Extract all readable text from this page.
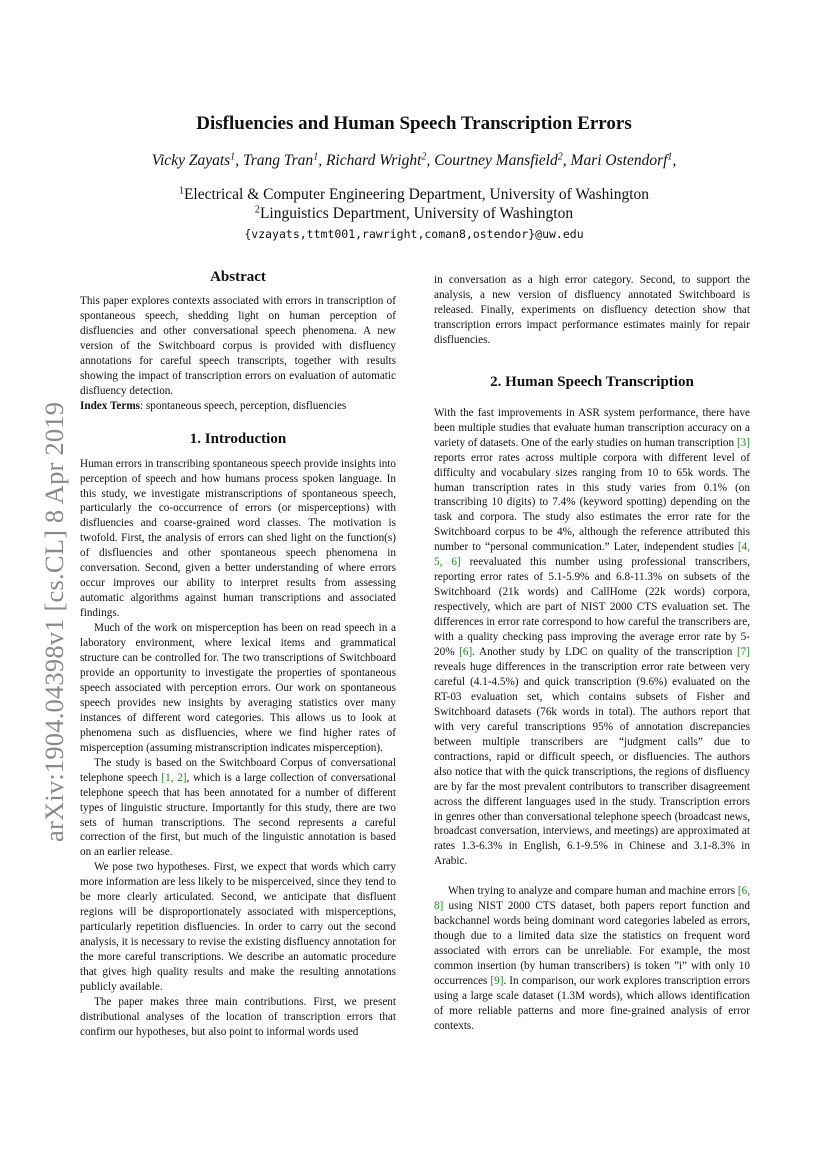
arXiv:1904.04398v1 [cs.CL] 8 Apr 2019
Disfluencies and Human Speech Transcription Errors
Vicky Zayats$^1$, Trang Tran$^1$, Richard Wright$^2$, Courtney Mansfield$^2$, Mari Ostendorf$^1$,
$^1$Electrical & Computer Engineering Department, University of Washington
$^2$Linguistics Department, University of Washington
{vzayats,ttmt001,rawright,coman8,ostendor}@uw.edu
Abstract

This paper explores contexts associated with errors in transcription of spontaneous speech, shedding light on human perception of disfluencies and other conversational speech phenomena. A new version of the Switchboard corpus is provided with disfluency annotations for careful speech transcripts, together with results showing the impact of transcription errors on evaluation of automatic disfluency detection.

Index Terms: spontaneous speech, perception, disfluencies

1. Introduction

Human errors in transcribing spontaneous speech provide insights into perception of speech and how humans process spoken language. In this study, we investigate mistranscriptions of spontaneous speech, particularly the co-occurrence of errors (or misperceptions) with disfluencies and coarse-grained word classes. The motivation is twofold. First, the analysis of errors can shed light on the function(s) of disfluencies and other spontaneous speech phenomena in conversation. Second, given a better understanding of where errors occur improves our ability to interpret results from assessing automatic algorithms against human transcriptions and associated findings.

Much of the work on misperception has been on read speech in a laboratory environment, where lexical items and grammatical structure can be controlled for. The two transcriptions of Switchboard provide an opportunity to investigate the properties of spontaneous speech associated with perception errors. Our work on spontaneous speech provides new insights by averaging statistics over many instances of different word categories. This allows us to look at phenomena such as disfluencies, where we find higher rates of misperception (assuming mistranscription indicates misperception).

The study is based on the Switchboard Corpus of conversational telephone speech [1, 2], which is a large collection of conversational telephone speech that has been annotated for a number of different types of linguistic structure. Importantly for this study, there are two sets of human transcriptions. The second represents a careful correction of the first, but much of the linguistic annotation is based on an earlier release.

We pose two hypotheses. First, we expect that words which carry more information are less likely to be misperceived, since they tend to be more clearly articulated. Second, we anticipate that disfluent regions will be disproportionately associated with misperceptions, particularly repetition disfluencies. In order to carry out the second analysis, it is necessary to revise the existing disfluency annotation for the more careful transcriptions. We describe an automatic procedure that gives high quality results and make the resulting annotations publicly available.

The paper makes three main contributions. First, we present distributional analyses of the location of transcription errors that confirm our hypotheses, but also point to informal words used

in conversation as a high error category. Second, to support the analysis, a new version of disfluency annotated Switchboard is released. Finally, experiments on disfluency detection show that transcription errors impact performance estimates mainly for repair disfluencies.

2. Human Speech Transcription

With the fast improvements in ASR system performance, there have been multiple studies that evaluate human transcription accuracy on a variety of datasets. One of the early studies on human transcription [3] reports error rates across multiple corpora with different level of difficulty and vocabulary sizes ranging from 10 to 65k words. The human transcription rates in this study varies from 0.1% (on transcribing 10 digits) to 7.4% (keyword spotting) depending on the task and corpora. The study also estimates the error rate for the Switchboard corpus to be 4%, although the reference attributed this number to “personal communication.” Later, independent studies [4, 5, 6] reevaluated this number using professional transcribers, reporting error rates of 5.1-5.9% and 6.8-11.3% on subsets of the Switchboard (21k words) and CallHome (22k words) corpora, respectively, which are part of NIST 2000 CTS evaluation set. The differences in error rate correspond to how careful the transcribers are, with a quality checking pass improving the average error rate by 5-20% [6]. Another study by LDC on quality of the transcription [7] reveals huge differences in the transcription error rate between very careful (4.1-4.5%) and quick transcription (9.6%) evaluated on the RT-03 evaluation set, which contains subsets of Fisher and Switchboard datasets (76k words in total). The authors report that with very careful transcriptions 95% of annotation discrepancies between multiple transcribers are “judgment calls” due to contractions, rapid or difficult speech, or disfluencies. The authors also notice that with the quick transcriptions, the regions of disfluency are by far the most prevalent contributors to transcriber disagreement across the different languages used in the study. Transcription errors in genres other than conversational telephone speech (broadcast news, broadcast conversation, interviews, and meetings) are approximated at rates 1.3-6.3% in English, 6.1-9.5% in Chinese and 3.1-8.3% in Arabic.

When trying to analyze and compare human and machine errors [6, 8] using NIST 2000 CTS dataset, both papers report function and backchannel words being dominant word categories labeled as errors, though due to a limited data size the statistics on frequent word associated with errors can be unreliable. For example, the most common insertion (by human transcribers) is token ”i” with only 10 occurrences [9]. In comparison, our work explores transcription errors using a large scale dataset (1.3M words), which allows identification of more reliable patterns and more fine-grained analysis of error contexts.
